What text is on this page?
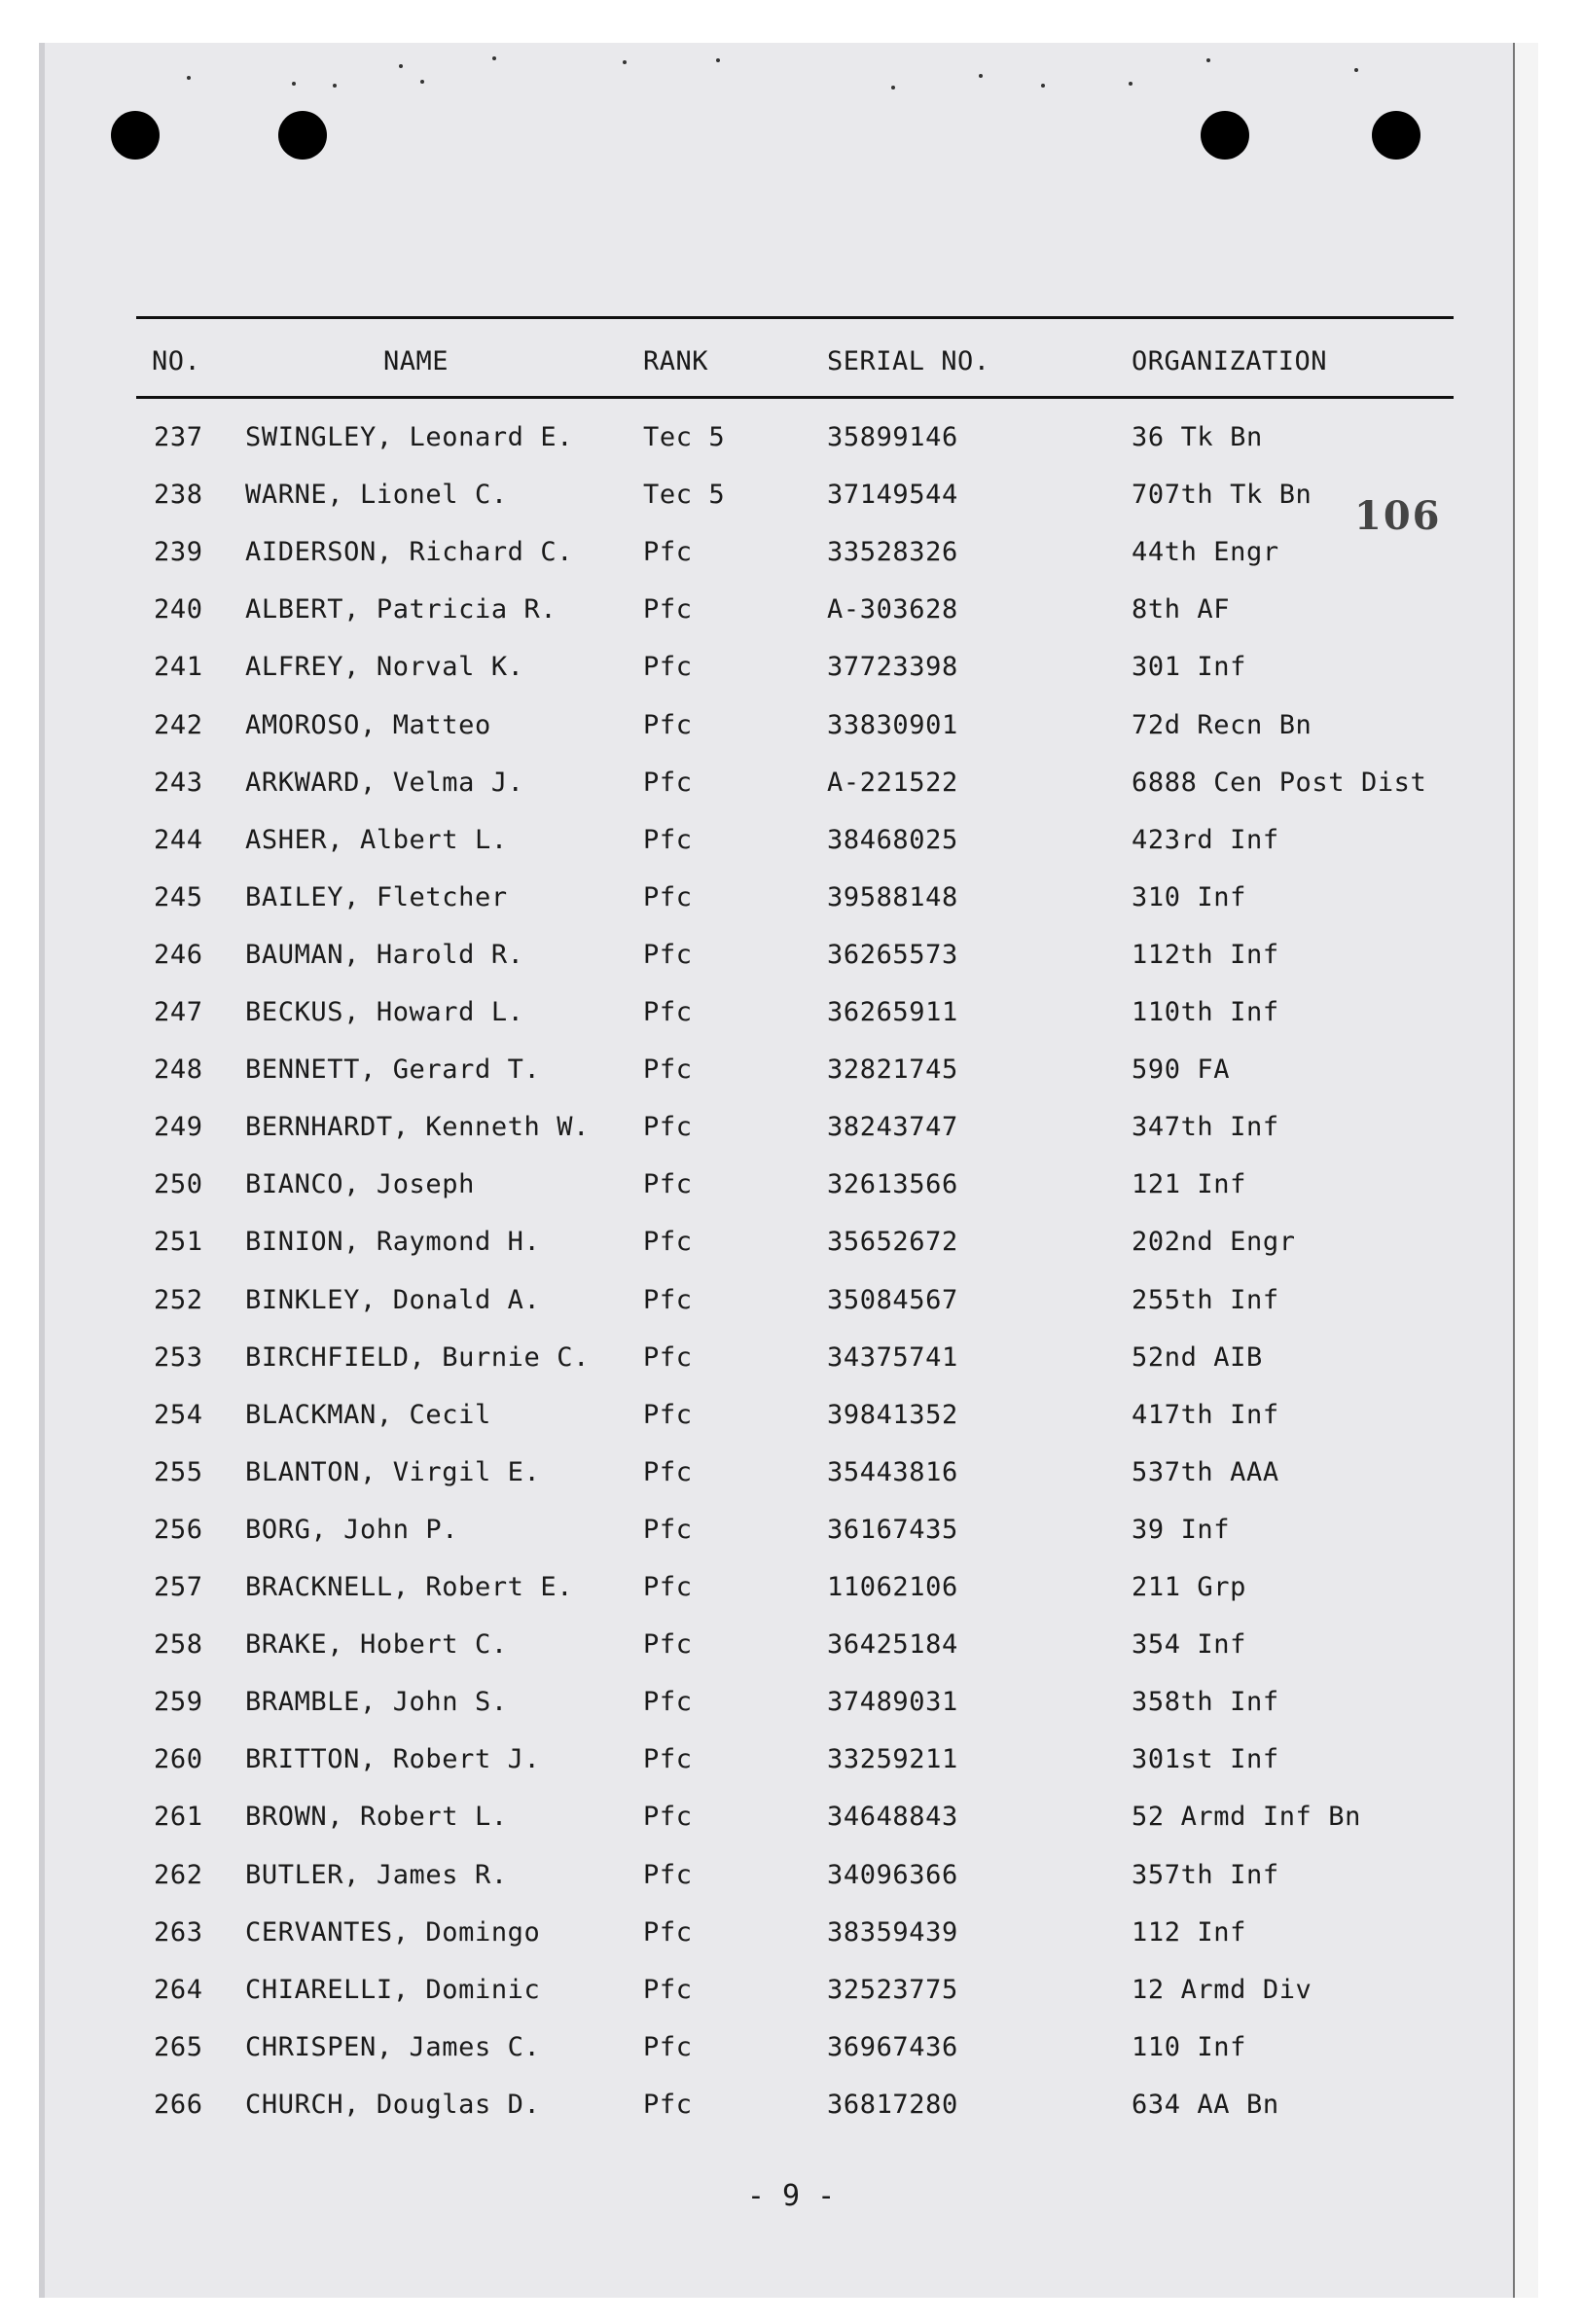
NO.	NAME	RANK	SERIAL NO.	ORGANIZATION
106
237 SWINGLEY, Leonard E.	Tec 5	35899146	36 Tk Bn
238 WARNE, Lionel C.	Tec 5	37149544	707th Tk Bn
239 AIDERSON, Richard C.	Pfc	33528326	44th Engr
240 ALBERT, Patricia R.	Pfc	A-303628	8th AF
241 ALFREY, Norval K.	Pfc	37723398	301 Inf
242 AMOROSO, Matteo	Pfc	33830901	72d Recn Bn
243 ARKWARD, Velma J.	Pfc	A-221522	6888 Cen Post Dist
244 ASHER, Albert L.	Pfc	38468025	423rd Inf
245 BAILEY, Fletcher	Pfc	39588148	310 Inf
246 BAUMAN, Harold R.	Pfc	36265573	112th Inf
247 BECKUS, Howard L.	Pfc	36265911	110th Inf
248 BENNETT, Gerard T.	Pfc	32821745	590 FA
249 BERNHARDT, Kenneth W. Pfc	38243747	347th Inf
250 BIANCO, Joseph	Pfc	32613566	121 Inf
251 BINION, Raymond H.	Pfc	35652672	202nd Engr
252 BINKLEY, Donald A.	Pfc	35084567	255th Inf
253 BIRCHFIELD, Burnie C. Pfc	34375741	52nd AIB
254 BLACKMAN, Cecil	Pfc	39841352	417th Inf
255 BLANTON, Virgil E.	Pfc	35443816	537th AAA
256 BORG, John P.	Pfc	36167435	39 Inf
257 BRACKNELL, Robert E.	Pfc	11062106	211 Grp
258 BRAKE, Hobert C.	Pfc	36425184	354 Inf
259 BRAMBLE, John S.	Pfc	37489031	358th Inf
260 BRITTON, Robert J.	Pfc	33259211	301st Inf
261 BROWN, Robert L.	Pfc	34648843	52 Armd Inf Bn
262 BUTLER, James R.	Pfc	34096366	357th Inf
263 CERVANTES, Domingo	Pfc	38359439	112 Inf
264 CHIARELLI, Dominic	Pfc	32523775	12 Armd Div
265 CHRISPEN, James C.	Pfc	36967436	110 Inf
266 CHURCH, Douglas D.	Pfc	36817280	634 AA Bn
- 9 -
